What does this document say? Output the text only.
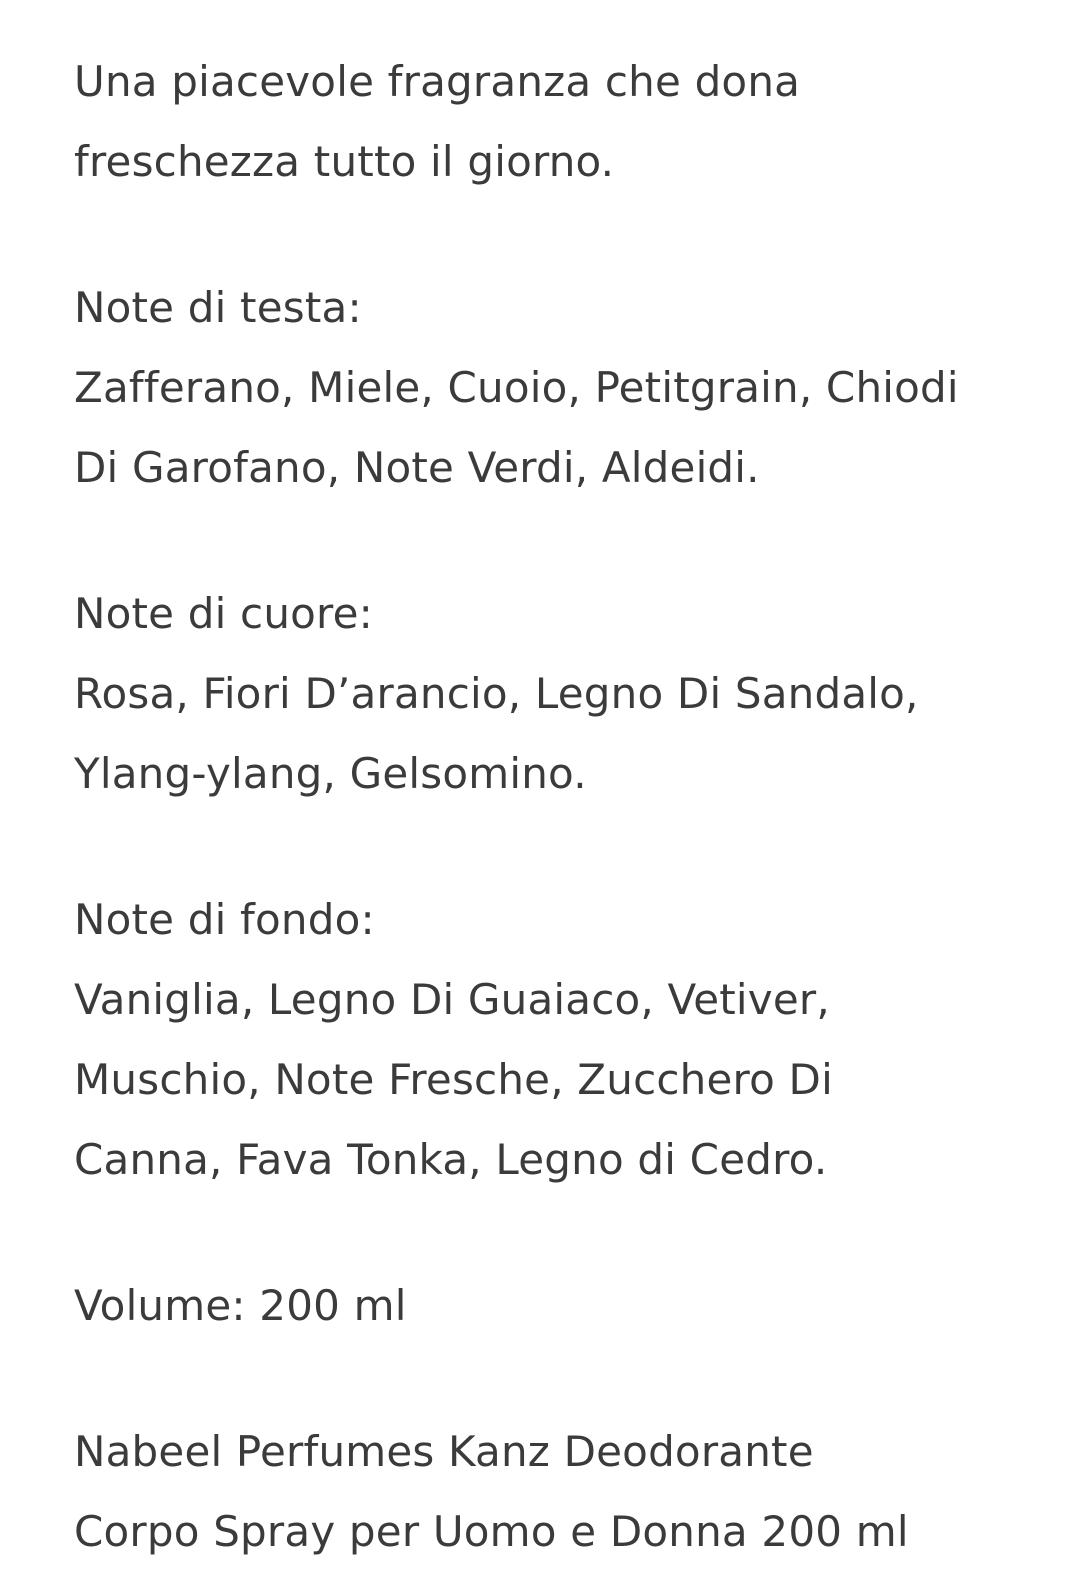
Una piacevole fragranza che dona
freschezza tutto il giorno.

Note di testa:
Zafferano, Miele, Cuoio, Petitgrain, Chiodi
Di Garofano, Note Verdi, Aldeidi.

Note di cuore:
Rosa, Fiori D’arancio, Legno Di Sandalo,
Ylang-ylang, Gelsomino.

Note di fondo:
Vaniglia, Legno Di Guaiaco, Vetiver,
Muschio, Note Fresche, Zucchero Di
Canna, Fava Tonka, Legno di Cedro.

Volume: 200 ml

Nabeel Perfumes Kanz Deodorante
Corpo Spray per Uomo e Donna 200 ml
